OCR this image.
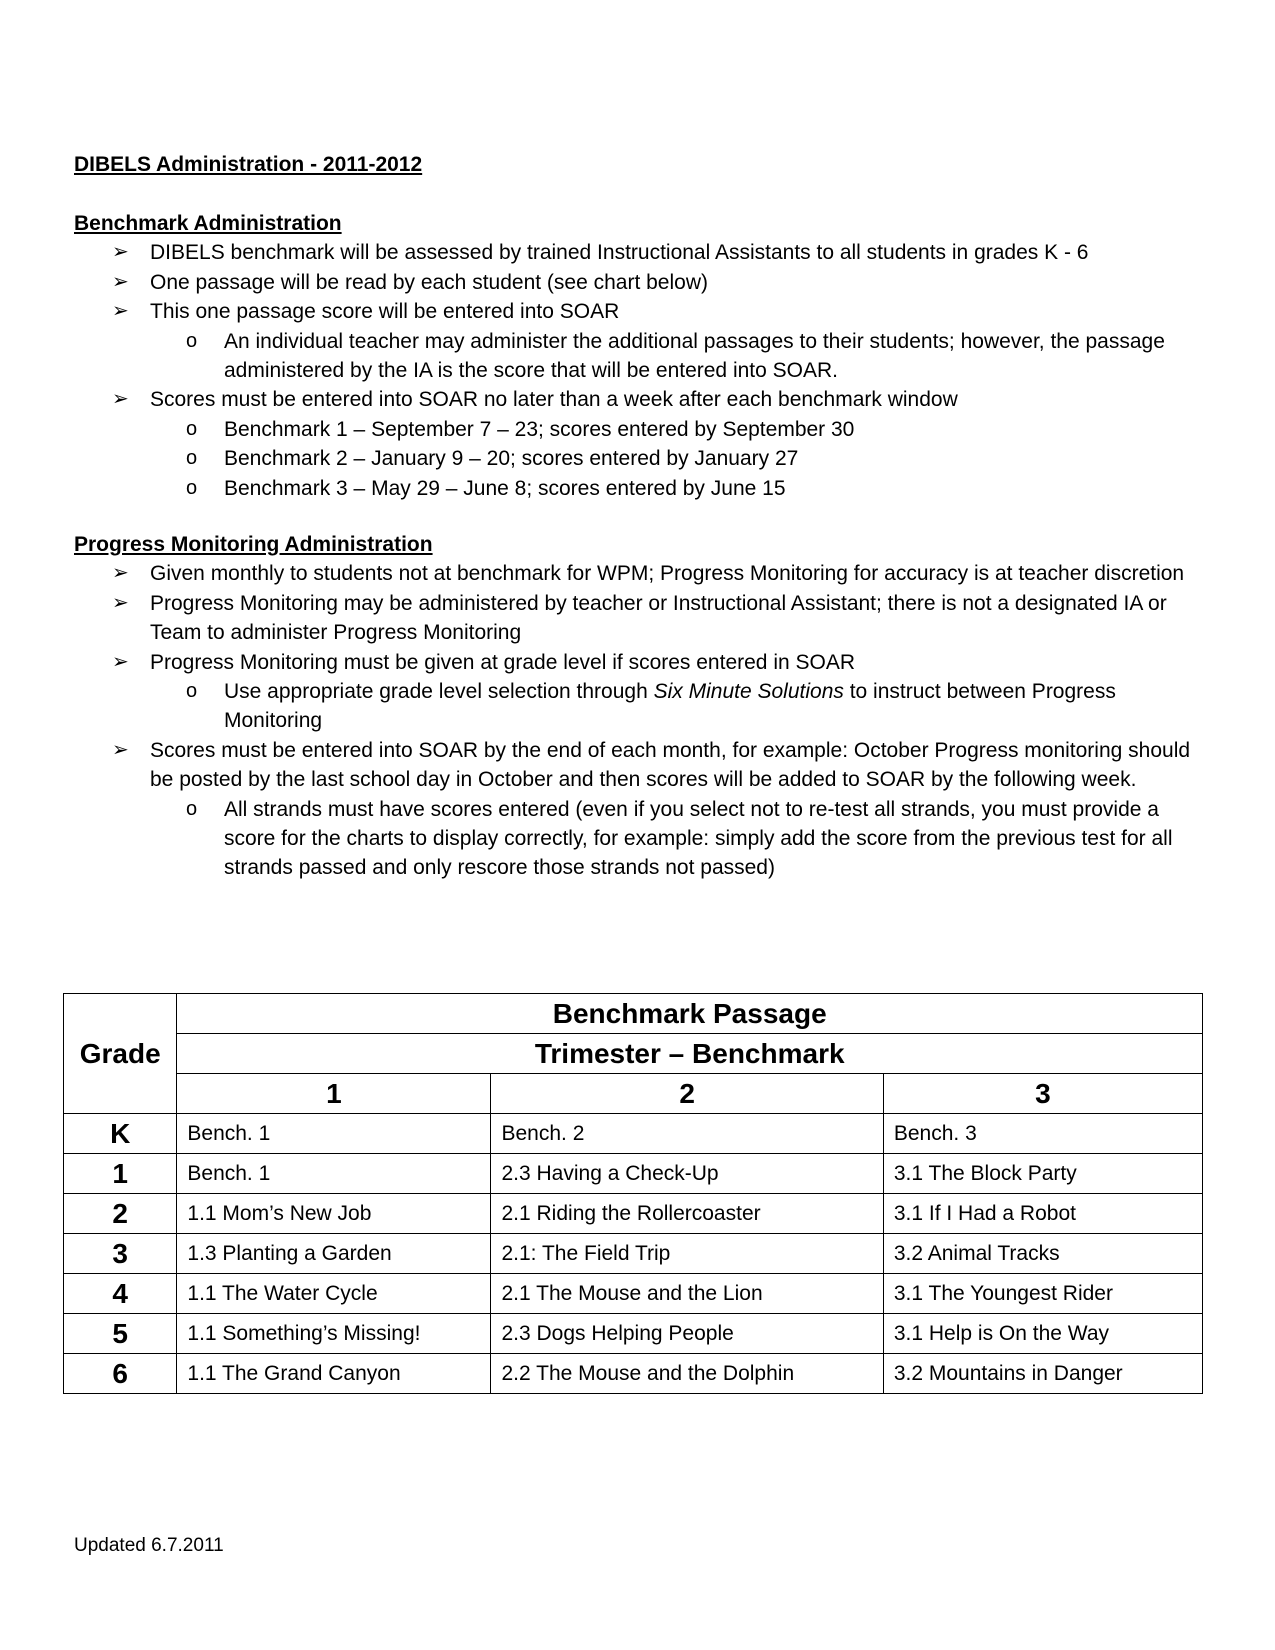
DIBELS Administration - 2011-2012

Benchmark Administration

➢ DIBELS benchmark will be assessed by trained Instructional Assistants to all students in grades K - 6
➢ One passage will be read by each student (see chart below)
➢ This one passage score will be entered into SOAR
o An individual teacher may administer the additional passages to their students; however, the passage administered by the IA is the score that will be entered into SOAR.
➢ Scores must be entered into SOAR no later than a week after each benchmark window
o Benchmark 1 – September 7 – 23; scores entered by September 30
o Benchmark 2 – January 9 – 20; scores entered by January 27
o Benchmark 3 – May 29 – June 8; scores entered by June 15

Progress Monitoring Administration

➢ Given monthly to students not at benchmark for WPM; Progress Monitoring for accuracy is at teacher discretion
➢ Progress Monitoring may be administered by teacher or Instructional Assistant; there is not a designated IA or Team to administer Progress Monitoring
➢ Progress Monitoring must be given at grade level if scores entered in SOAR
o Use appropriate grade level selection through Six Minute Solutions to instruct between Progress Monitoring
➢ Scores must be entered into SOAR by the end of each month, for example: October Progress monitoring should be posted by the last school day in October and then scores will be added to SOAR by the following week.
o All strands must have scores entered (even if you select not to re-test all strands, you must provide a score for the charts to display correctly, for example: simply add the score from the previous test for all strands passed and only rescore those strands not passed)
Grade	Benchmark Passage		
	Trimester – Benchmark		
	1	2	3
K	Bench. 1	Bench. 2	Bench. 3
1	Bench. 1	2.3 Having a Check-Up	3.1 The Block Party
2	1.1 Mom’s New Job	2.1 Riding the Rollercoaster	3.1 If I Had a Robot
3	1.3 Planting a Garden	2.1: The Field Trip	3.2 Animal Tracks
4	1.1 The Water Cycle	2.1 The Mouse and the Lion	3.1 The Youngest Rider
5	1.1 Something’s Missing!	2.3 Dogs Helping People	3.1 Help is On the Way
6	1.1 The Grand Canyon	2.2 The Mouse and the Dolphin	3.2 Mountains in Danger
Updated 6.7.2011
